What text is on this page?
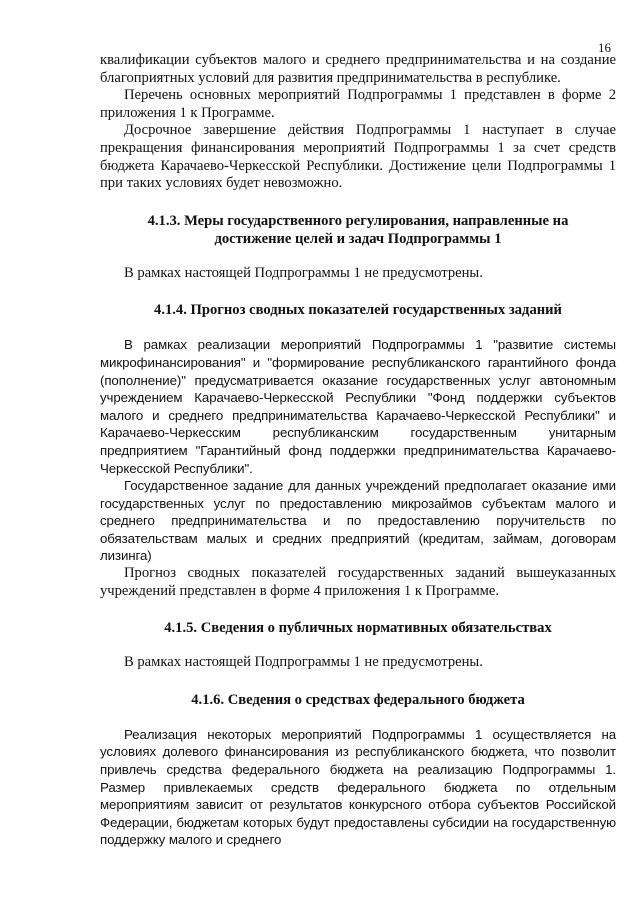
16

квалификации субъектов малого и среднего предпринимательства и на создание благоприятных условий для развития предпринимательства в республике.

Перечень основных мероприятий Подпрограммы 1 представлен в форме 2 приложения 1 к Программе.

Досрочное завершение действия Подпрограммы 1 наступает в случае прекращения финансирования мероприятий Подпрограммы 1 за счет средств бюджета Карачаево-Черкесской Республики. Достижение цели Подпрограммы 1 при таких условиях будет невозможно.

4.1.3. Меры государственного регулирования, направленные на
достижение целей и задач Подпрограммы 1

В рамках настоящей Подпрограммы 1 не предусмотрены.

4.1.4. Прогноз сводных показателей государственных заданий

В рамках реализации мероприятий Подпрограммы 1 "развитие системы микрофинансирования" и "формирование республиканского гарантийного фонда (пополнение)" предусматривается оказание государственных услуг автономным учреждением Карачаево-Черкесской Республики "Фонд поддержки субъектов малого и среднего предпринимательства Карачаево-Черкесской Республики" и Карачаево-Черкесским республиканским государственным унитарным предприятием "Гарантийный фонд поддержки предпринимательства Карачаево-Черкесской Республики".

Государственное задание для данных учреждений предполагает оказание ими государственных услуг по предоставлению микрозаймов субъектам малого и среднего предпринимательства и по предоставлению поручительств по обязательствам малых и средних предприятий (кредитам, займам, договорам лизинга)

Прогноз сводных показателей государственных заданий вышеуказанных учреждений представлен в форме 4 приложения 1 к Программе.

4.1.5. Сведения о публичных нормативных обязательствах

В рамках настоящей Подпрограммы 1 не предусмотрены.

4.1.6. Сведения о средствах федерального бюджета

Реализация некоторых мероприятий Подпрограммы 1 осуществляется на условиях долевого финансирования из республиканского бюджета, что позволит привлечь средства федерального бюджета на реализацию Подпрограммы 1. Размер привлекаемых средств федерального бюджета по отдельным мероприятиям зависит от результатов конкурсного отбора субъектов Российской Федерации, бюджетам которых будут предоставлены субсидии на государственную поддержку малого и среднего
